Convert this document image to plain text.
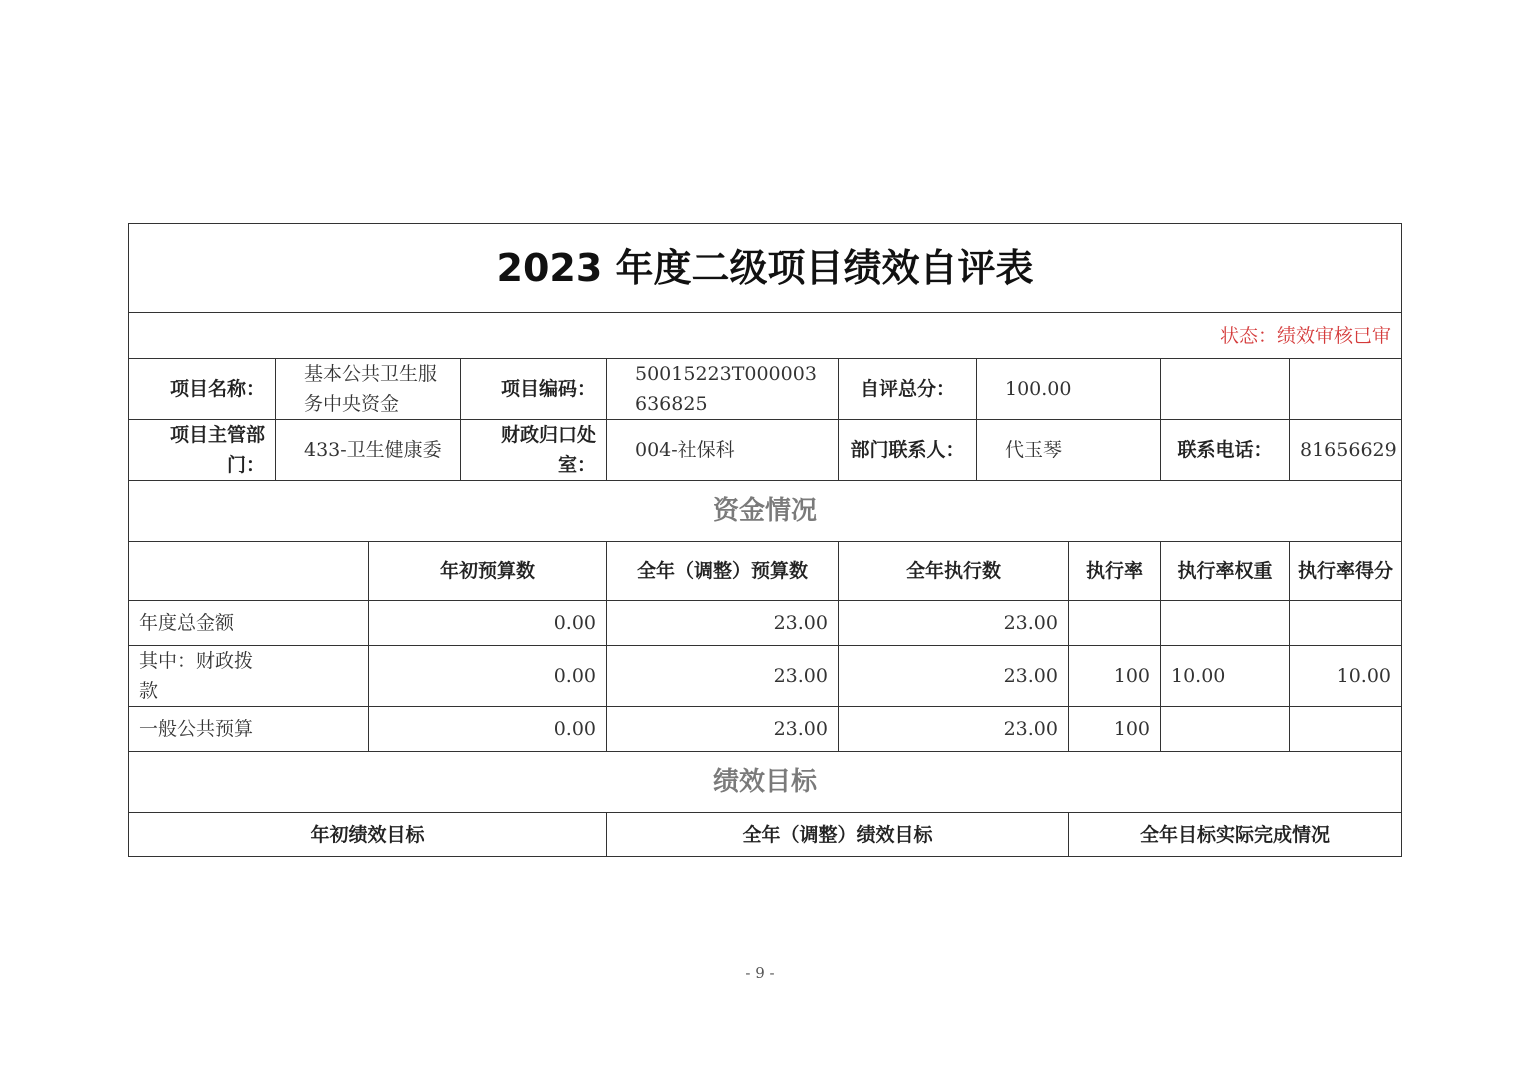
2023 年度二级项目绩效自评表									
状态：绩效审核已审									
项目名称：	基本公共卫生服务中央资金		项目编码：	50015223T000003636825	自评总分：	100.00			
项目主管部门：	433-卫生健康委		财政归口处室：	004-社保科	部门联系人：	代玉琴		联系电话：	81656629
资金情况									
		年初预算数		全年（调整）预算数	全年执行数		执行率	执行率权重	执行率得分
年度总金额		0.00		23.00	23.00				
其中：财政拨款		0.00		23.00	23.00		100	10.00	10.00
一般公共预算		0.00		23.00	23.00		100		
绩效目标									
年初绩效目标				全年（调整）绩效目标			全年目标实际完成情况		
- 9 -
